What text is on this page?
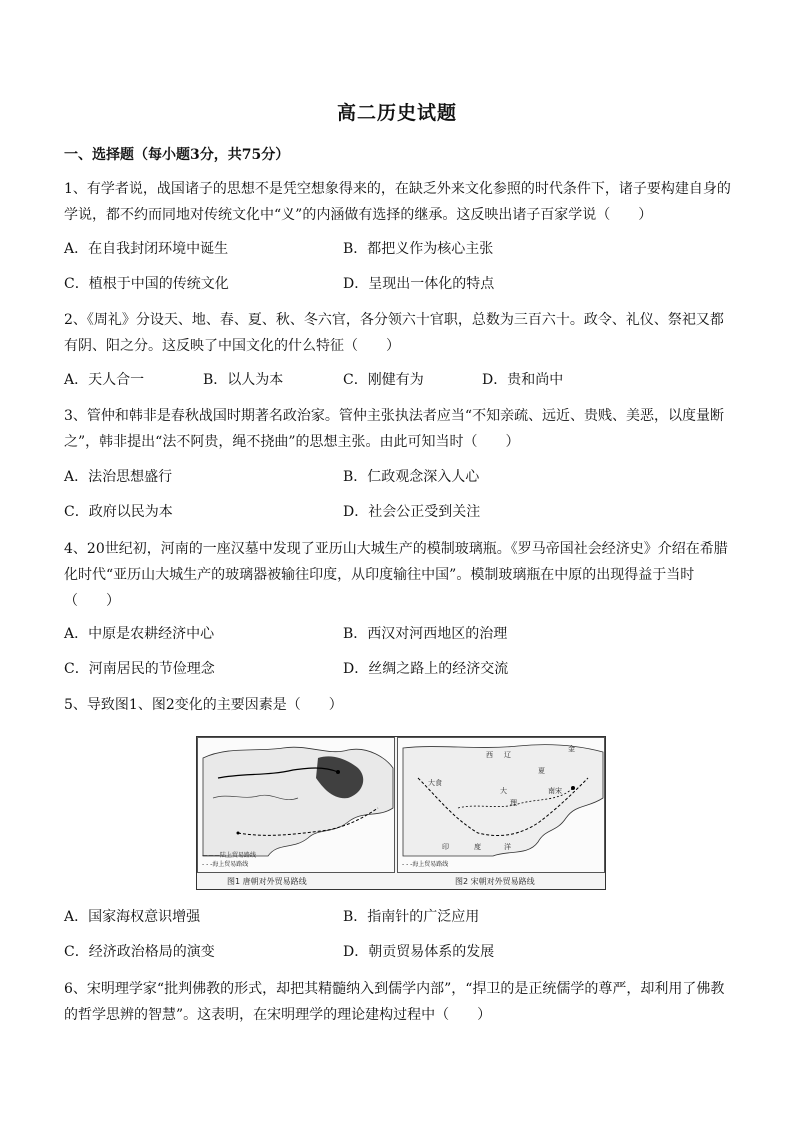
高二历史试题
一、选择题（每小题3分，共75分）
1、有学者说，战国诸子的思想不是凭空想象得来的，在缺乏外来文化参照的时代条件下，诸子要构建自身的
学说，都不约而同地对传统文化中“义”的内涵做有选择的继承。这反映出诸子百家学说（　　）
A．在自我封闭环境中诞生	B．都把义作为核心主张
C．植根于中国的传统文化	D．呈现出一体化的特点
2、《周礼》分设天、地、春、夏、秋、冬六官，各分领六十官职，总数为三百六十。政令、礼仪、祭祀又都
有阴、阳之分。这反映了中国文化的什么特征（　　）
A．天人合一	B．以人为本	C．刚健有为	D．贵和尚中
3、管仲和韩非是春秋战国时期著名政治家。管仲主张执法者应当“不知亲疏、远近、贵贱、美恶，以度量断
之”，韩非提出“法不阿贵，绳不挠曲”的思想主张。由此可知当时（　　）
A．法治思想盛行	B．仁政观念深入人心
C．政府以民为本	D．社会公正受到关注
4、20世纪初，河南的一座汉墓中发现了亚历山大城生产的模制玻璃瓶。《罗马帝国社会经济史》介绍在希腊
化时代“亚历山大城生产的玻璃器被输往印度，从印度输往中国”。模制玻璃瓶在中原的出现得益于当时
（　　）
A．中原是农耕经济中心	B．西汉对河西地区的治理
C．河南居民的节俭理念	D．丝绸之路上的经济交流
5、导致图1、图2变化的主要因素是（　　）
———陆上贸易路线
- - -海上贸易路线
图1 唐朝对外贸易路线
西 辽
金
夏
大
理
南宋
印	度	洋
大食
- - -海上贸易路线
图2 宋朝对外贸易路线
A．国家海权意识增强	B．指南针的广泛应用
C．经济政治格局的演变	D．朝贡贸易体系的发展
6、宋明理学家“批判佛教的形式，却把其精髓纳入到儒学内部”，“捍卫的是正统儒学的尊严，却利用了佛教
的哲学思辨的智慧”。这表明，在宋明理学的理论建构过程中（　　）
